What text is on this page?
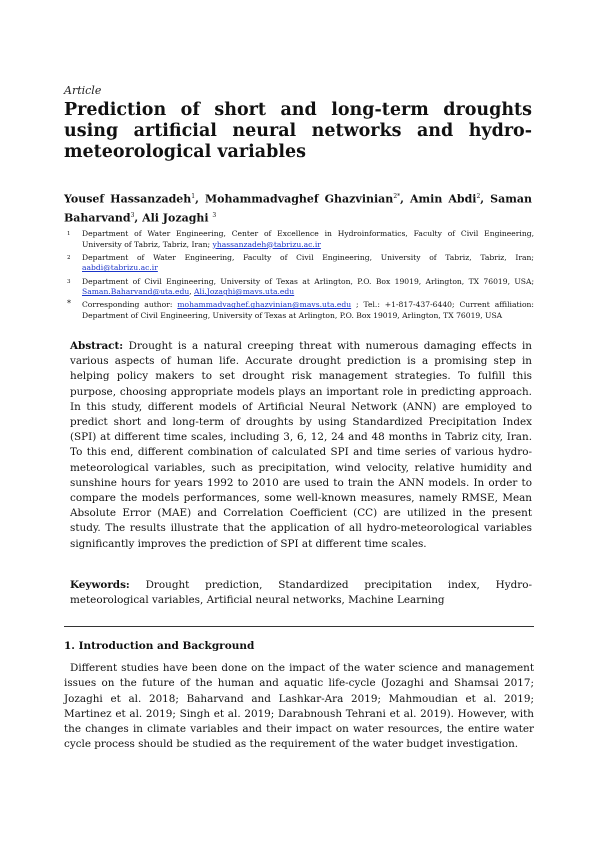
Article
Prediction of short and long-term droughts using artificial neural networks and hydro-meteorological variables
Yousef Hassanzadeh$^1$, Mohammadvaghef Ghazvinian$^{2*}$, Amin Abdi$^2$, Saman Baharvand$^3$, Ali Jozaghi $^3$
1 Department of Water Engineering, Center of Excellence in Hydroinformatics, Faculty of Civil Engineering, University of Tabriz, Tabriz, Iran; yhassanzadeh@tabrizu.ac.ir
2 Department of Water Engineering, Faculty of Civil Engineering, University of Tabriz, Tabriz, Iran; aabdi@tabrizu.ac.ir
3 Department of Civil Engineering, University of Texas at Arlington, P.O. Box 19019, Arlington, TX 76019, USA; Saman.Baharvand@uta.edu, Ali.Jozaghi@mavs.uta.edu
* Corresponding author: mohammadvaghef.ghazvinian@mavs.uta.edu ; Tel.: +1-817-437-6440; Current affiliation: Department of Civil Engineering, University of Texas at Arlington, P.O. Box 19019, Arlington, TX 76019, USA

Abstract: Drought is a natural creeping threat with numerous damaging effects in various aspects of human life. Accurate drought prediction is a promising step in helping policy makers to set drought risk management strategies. To fulfill this purpose, choosing appropriate models plays an important role in predicting approach. In this study, different models of Artificial Neural Network (ANN) are employed to predict short and long-term of droughts by using Standardized Precipitation Index (SPI) at different time scales, including 3, 6, 12, 24 and 48 months in Tabriz city, Iran. To this end, different combination of calculated SPI and time series of various hydro-meteorological variables, such as precipitation, wind velocity, relative humidity and sunshine hours for years 1992 to 2010 are used to train the ANN models. In order to compare the models performances, some well-known measures, namely RMSE, Mean Absolute Error (MAE) and Correlation Coefficient (CC) are utilized in the present study. The results illustrate that the application of all hydro-meteorological variables significantly improves the prediction of SPI at different time scales.

Keywords: Drought prediction, Standardized precipitation index, Hydro-meteorological variables, Artificial neural networks, Machine Learning

1. Introduction and Background

Different studies have been done on the impact of the water science and management issues on the future of the human and aquatic life-cycle (Jozaghi and Shamsai 2017; Jozaghi et al. 2018; Baharvand and Lashkar-Ara 2019; Mahmoudian et al. 2019; Martinez et al. 2019; Singh et al. 2019; Darabnoush Tehrani et al. 2019). However, with the changes in climate variables and their impact on water resources, the entire water cycle process should be studied as the requirement of the water budget investigation.
